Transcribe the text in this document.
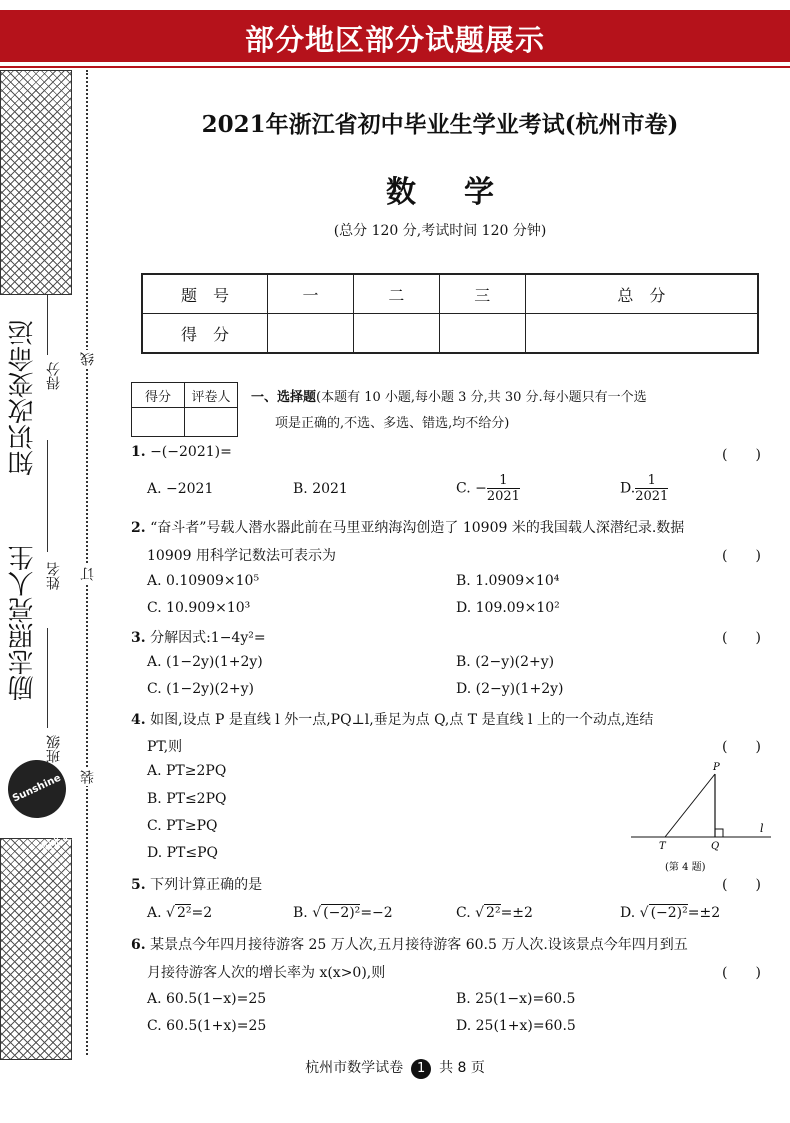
部分地区部分试题展示
知识改变命运
励志照亮人生
得分
姓名
班级
线
订
装
Sunshine 阳光文化
2021年浙江省初中毕业生学业考试(杭州市卷)
数学
(总分 120 分,考试时间 120 分钟)
题　号	一	二	三	总　分
得　分				
得分	评卷人
	一、选择题(本题有 10 小题,每小题 3 分,共 30 分.每小题只有一个选
项是正确的,不选、多选、错选,均不给分)
1. −(−2021)=	(　　)
A. −2021	B. 2021	C. − $\frac{1}{2021}$	D. $\frac{1}{2021}$
2. “奋斗者”号载人潜水器此前在马里亚纳海沟创造了 10909 米的我国载人深潜纪录.数据
10909 用科学记数法可表示为	(　　)
A. 0.10909×10⁵	B. 1.0909×10⁴
C. 10.909×10³	D. 109.09×10²
3. 分解因式:1−4y²=	(　　)
A. (1−2y)(1+2y)	B. (2−y)(2+y)
C. (1−2y)(2+y)	D. (2−y)(1+2y)
4. 如图,设点 P 是直线 l 外一点,PQ⊥l,垂足为点 Q,点 T 是直线 l 上的一个动点,连结
PT,则	(　　)
A. PT≥2PQ
B. PT≤2PQ
C. PT≥PQ
D. PT≤PQ
P
T	Q
l
(第 4 题)
5. 下列计算正确的是	(　　)
A. √ 2²=2	B. √ (−2)²=−2	C. √ 2²=±2	D. √ (−2)²=±2
6. 某景点今年四月接待游客 25 万人次,五月接待游客 60.5 万人次.设该景点今年四月到五
月接待游客人次的增长率为 x(x>0),则	(　　)
A. 60.5(1−x)=25	B. 25(1−x)=60.5
C. 60.5(1+x)=25	D. 25(1+x)=60.5
杭州市数学试卷 1 共 8 页
